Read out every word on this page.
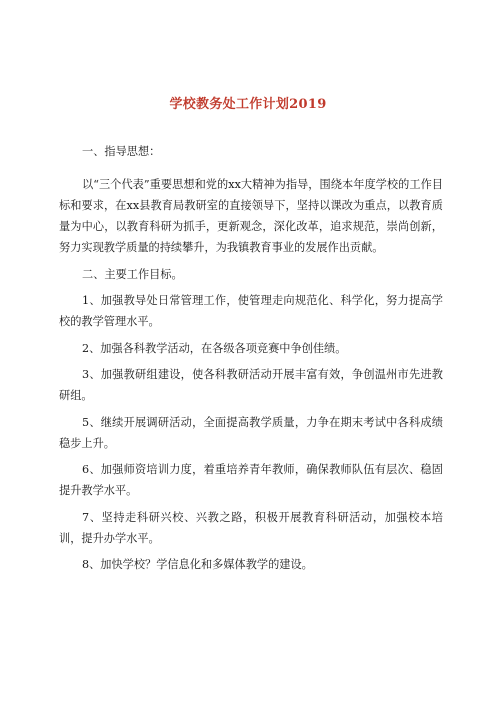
学校教务处工作计划2019

一、指导思想：

以“三个代表”重要思想和党的xx大精神为指导，围绕本年度学校的工作目标和要求，在xx县教育局教研室的直接领导下，坚持以课改为重点，以教育质量为中心，以教育科研为抓手，更新观念，深化改革，追求规范，崇尚创新，努力实现教学质量的持续攀升，为我镇教育事业的发展作出贡献。

二、主要工作目标。

1、加强教导处日常管理工作，使管理走向规范化、科学化，努力提高学校的教学管理水平。

2、加强各科教学活动，在各级各项竞赛中争创佳绩。

3、加强教研组建设，使各科教研活动开展丰富有效，争创温州市先进教研组。

5、继续开展调研活动，全面提高教学质量，力争在期末考试中各科成绩稳步上升。

6、加强师资培训力度，着重培养青年教师，确保教师队伍有层次、稳固提升教学水平。

7、坚持走科研兴校、兴教之路，积极开展教育科研活动，加强校本培训，提升办学水平。

8、加快学校？学信息化和多媒体教学的建设。
